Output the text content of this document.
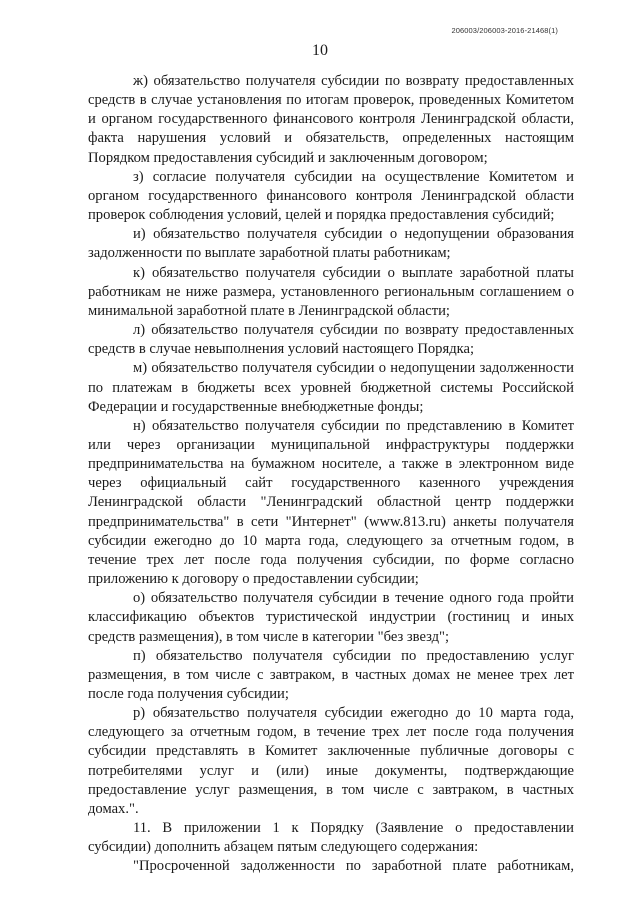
206003/206003-2016-21468(1)
10

ж) обязательство получателя субсидии по возврату предоставленных средств в случае установления по итогам проверок, проведенных Комитетом и органом государственного финансового контроля Ленинградской области, факта нарушения условий и обязательств, определенных настоящим Порядком предоставления субсидий и заключенным договором;

з) согласие получателя субсидии на осуществление Комитетом и органом государственного финансового контроля Ленинградской области проверок соблюдения условий, целей и порядка предоставления субсидий;

и) обязательство получателя субсидии о недопущении образования задолженности по выплате заработной платы работникам;

к) обязательство получателя субсидии о выплате заработной платы работникам не ниже размера, установленного региональным соглашением о минимальной заработной плате в Ленинградской области;

л) обязательство получателя субсидии по возврату предоставленных средств в случае невыполнения условий настоящего Порядка;

м) обязательство получателя субсидии о недопущении задолженности по платежам в бюджеты всех уровней бюджетной системы Российской Федерации и государственные внебюджетные фонды;

н) обязательство получателя субсидии по представлению в Комитет или через организации муниципальной инфраструктуры поддержки предпринимательства на бумажном носителе, а также в электронном виде через официальный сайт государственного казенного учреждения Ленинградской области "Ленинградский областной центр поддержки предпринимательства" в сети "Интернет" (www.813.ru) анкеты получателя субсидии ежегодно до 10 марта года, следующего за отчетным годом, в течение трех лет после года получения субсидии, по форме согласно приложению к договору о предоставлении субсидии;

о) обязательство получателя субсидии в течение одного года пройти классификацию объектов туристической индустрии (гостиниц и иных средств размещения), в том числе в категории "без звезд";

п) обязательство получателя субсидии по предоставлению услуг размещения, в том числе с завтраком, в частных домах не менее трех лет после года получения субсидии;

р) обязательство получателя субсидии ежегодно до 10 марта года, следующего за отчетным годом, в течение трех лет после года получения субсидии представлять в Комитет заключенные публичные договоры с потребителями услуг и (или) иные документы, подтверждающие предоставление услуг размещения, в том числе с завтраком, в частных домах.".

11. В приложении 1 к Порядку (Заявление о предоставлении субсидии) дополнить абзацем пятым следующего содержания:

"Просроченной задолженности по заработной плате работникам,
